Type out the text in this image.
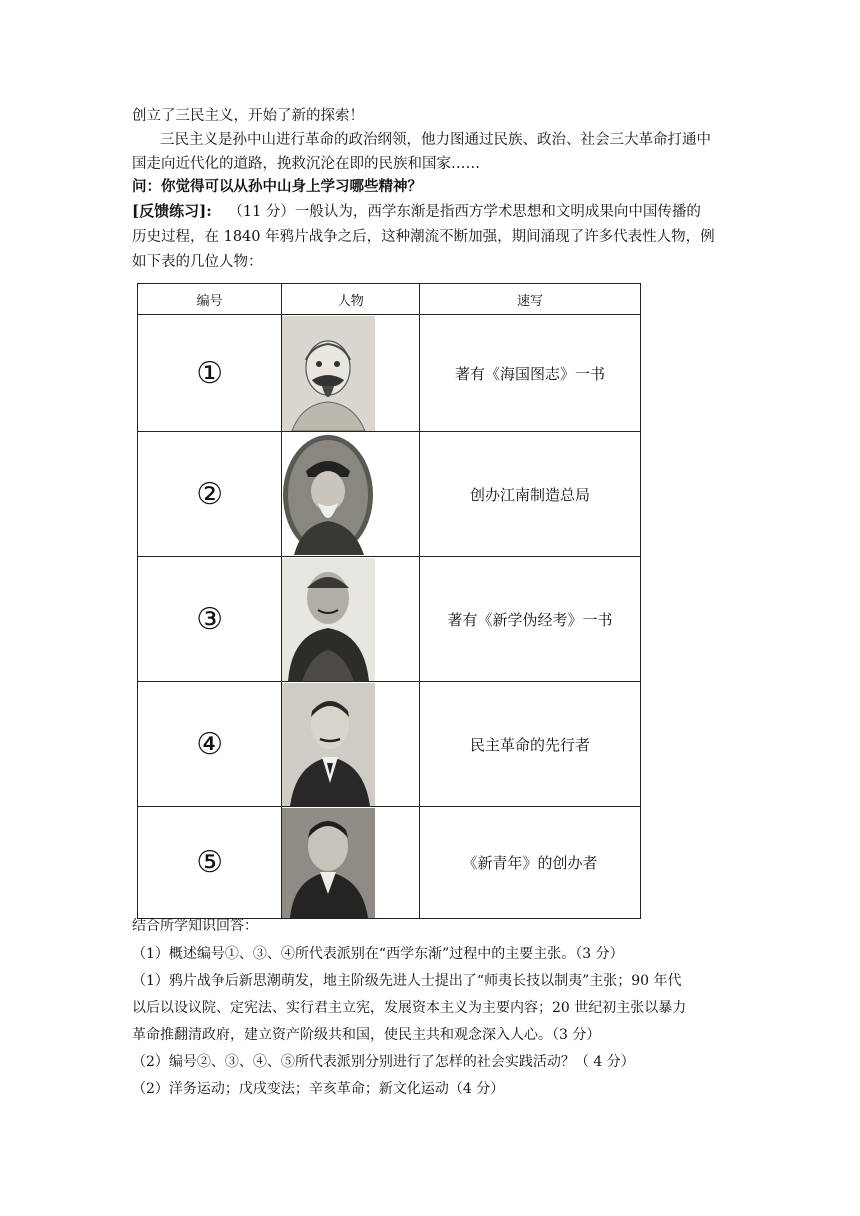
创立了三民主义，开始了新的探索！
三民主义是孙中山进行革命的政治纲领，他力图通过民族、政治、社会三大革命打通中
国走向近代化的道路，挽救沉沦在即的民族和国家……
问：你觉得可以从孙中山身上学习哪些精神？
[反馈练习]: （11 分）一般认为，西学东渐是指西方学术思想和文明成果向中国传播的
历史过程，在 1840 年鸦片战争之后，这种潮流不断加强，期间涌现了许多代表性人物，例
如下表的几位人物：
编号	人物	速写
①		著有《海国图志》一书
②		创办江南制造总局
③		著有《新学伪经考》一书
④		民主革命的先行者
⑤		《新青年》的创办者
结合所学知识回答：
（1）概述编号①、③、④所代表派别在“西学东渐”过程中的主要主张。（3 分）
（1）鸦片战争后新思潮萌发，地主阶级先进人士提出了“师夷长技以制夷”主张；90 年代
以后以设议院、定宪法、实行君主立宪，发展资本主义为主要内容；20 世纪初主张以暴力
革命推翻清政府，建立资产阶级共和国，使民主共和观念深入人心。（3 分）
（2）编号②、③、④、⑤所代表派别分别进行了怎样的社会实践活动？（ 4 分）
（2）洋务运动；戊戌变法；辛亥革命；新文化运动（4 分）
